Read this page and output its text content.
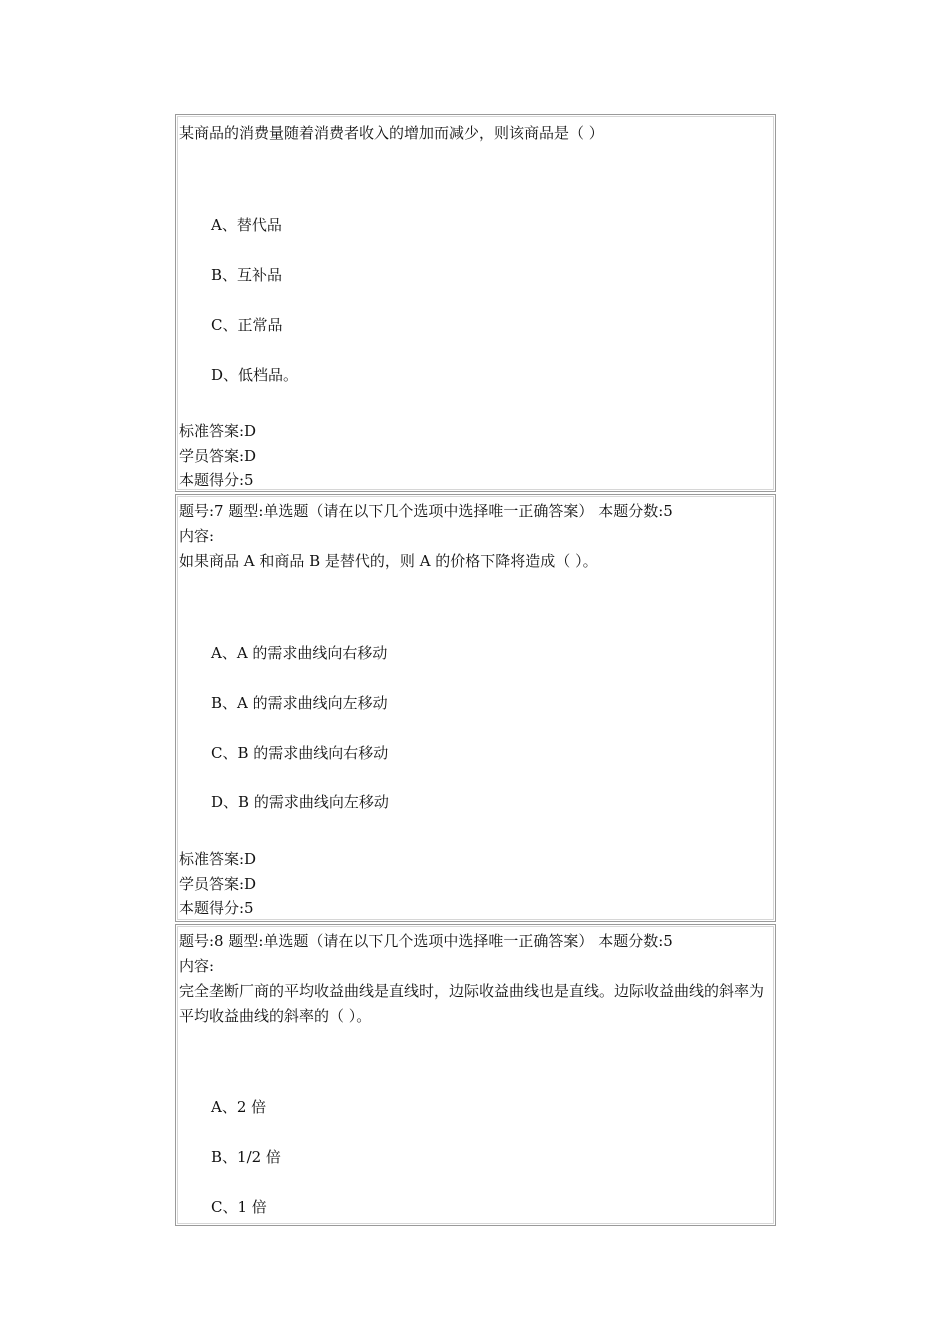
某商品的消费量随着消费者收入的增加而减少，则该商品是（ ）
A、替代品
B、互补品
C、正常品
D、低档品。
标准答案:D
学员答案:D
本题得分:5
题号:7 题型:单选题（请在以下几个选项中选择唯一正确答案） 本题分数:5
内容:
如果商品 A 和商品 B 是替代的，则 A 的价格下降将造成（ ）。
A、A 的需求曲线向右移动
B、A 的需求曲线向左移动
C、B 的需求曲线向右移动
D、B 的需求曲线向左移动
标准答案:D
学员答案:D
本题得分:5
题号:8 题型:单选题（请在以下几个选项中选择唯一正确答案） 本题分数:5
内容:
完全垄断厂商的平均收益曲线是直线时，边际收益曲线也是直线。边际收益曲线的斜率为平均收益曲线的斜率的（ ）。
A、2 倍
B、1/2 倍
C、1 倍
